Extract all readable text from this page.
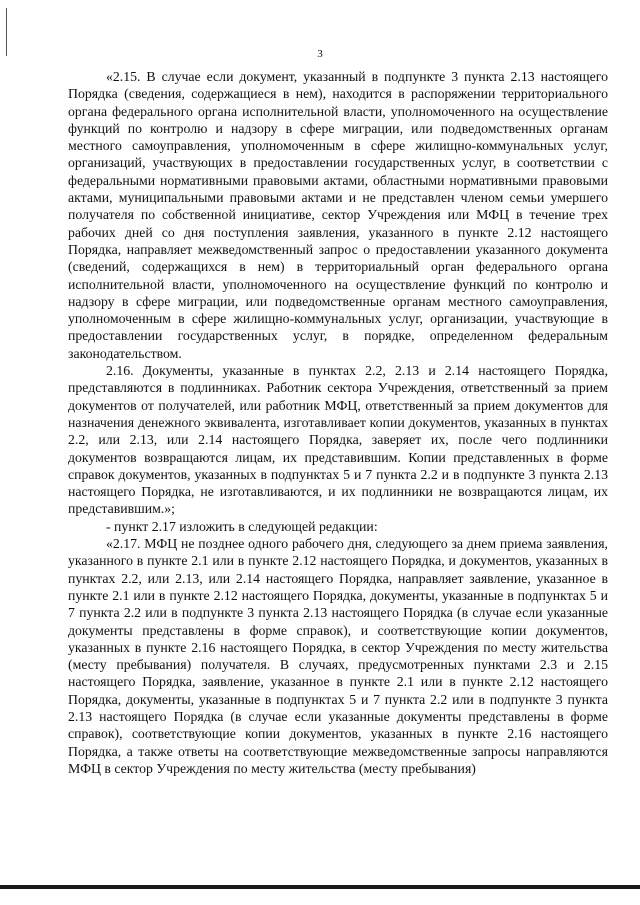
3

«2.15. В случае если документ, указанный в подпункте 3 пункта 2.13 настоящего Порядка (сведения, содержащиеся в нем), находится в распоряжении территориального органа федерального органа исполнительной власти, уполномоченного на осуществление функций по контролю и надзору в сфере миграции, или подведомственных органам местного самоуправления, уполномоченным в сфере жилищно-коммунальных услуг, организаций, участвующих в предоставлении государственных услуг, в соответствии с федеральными нормативными правовыми актами, областными нормативными правовыми актами, муниципальными правовыми актами и не представлен членом семьи умершего получателя по собственной инициативе, сектор Учреждения или МФЦ в течение трех рабочих дней со дня поступления заявления, указанного в пункте 2.12 настоящего Порядка, направляет межведомственный запрос о предоставлении указанного документа (сведений, содержащихся в нем) в территориальный орган федерального органа исполнительной власти, уполномоченного на осуществление функций по контролю и надзору в сфере миграции, или подведомственные органам местного самоуправления, уполномоченным в сфере жилищно-коммунальных услуг, организации, участвующие в предоставлении государственных услуг, в порядке, определенном федеральным законодательством.

2.16. Документы, указанные в пунктах 2.2, 2.13 и 2.14 настоящего Порядка, представляются в подлинниках. Работник сектора Учреждения, ответственный за прием документов от получателей, или работник МФЦ, ответственный за прием документов для назначения денежного эквивалента, изготавливает копии документов, указанных в пунктах 2.2, или 2.13, или 2.14 настоящего Порядка, заверяет их, после чего подлинники документов возвращаются лицам, их представившим. Копии представленных в форме справок документов, указанных в подпунктах 5 и 7 пункта 2.2 и в подпункте 3 пункта 2.13 настоящего Порядка, не изготавливаются, и их подлинники не возвращаются лицам, их представившим.»;

- пункт 2.17 изложить в следующей редакции:

«2.17. МФЦ не позднее одного рабочего дня, следующего за днем приема заявления, указанного в пункте 2.1 или в пункте 2.12 настоящего Порядка, и документов, указанных в пунктах 2.2, или 2.13, или 2.14 настоящего Порядка, направляет заявление, указанное в пункте 2.1 или в пункте 2.12 настоящего Порядка, документы, указанные в подпунктах 5 и 7 пункта 2.2 или в подпункте 3 пункта 2.13 настоящего Порядка (в случае если указанные документы представлены в форме справок), и соответствующие копии документов, указанных в пункте 2.16 настоящего Порядка, в сектор Учреждения по месту жительства (месту пребывания) получателя. В случаях, предусмотренных пунктами 2.3 и 2.15 настоящего Порядка, заявление, указанное в пункте 2.1 или в пункте 2.12 настоящего Порядка, документы, указанные в подпунктах 5 и 7 пункта 2.2 или в подпункте 3 пункта 2.13 настоящего Порядка (в случае если указанные документы представлены в форме справок), соответствующие копии документов, указанных в пункте 2.16 настоящего Порядка, а также ответы на соответствующие межведомственные запросы направляются МФЦ в сектор Учреждения по месту жительства (месту пребывания)
